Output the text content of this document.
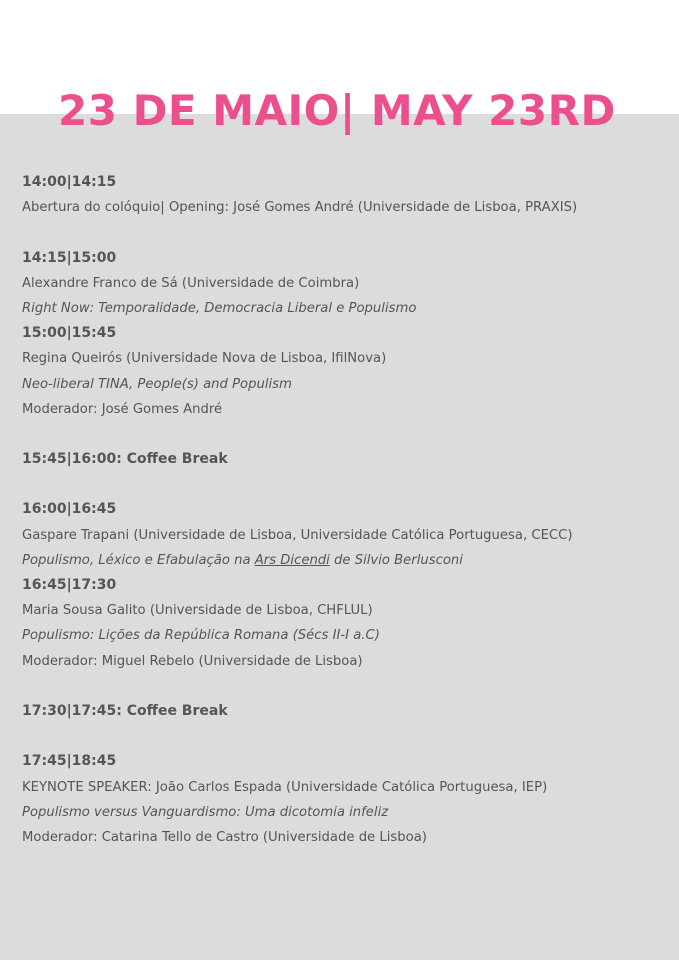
23 DE MAIO| MAY 23RD
14:00|14:15
Abertura do colóquio| Opening: José Gomes André (Universidade de Lisboa, PRAXIS)
14:15|15:00
Alexandre Franco de Sá (Universidade de Coimbra)
Right Now: Temporalidade, Democracia Liberal e Populismo
15:00|15:45
Regina Queirós (Universidade Nova de Lisboa, IfilNova)
Neo-liberal TINA, People(s) and Populism
Moderador: José Gomes André
15:45|16:00: Coffee Break
16:00|16:45
Gaspare Trapani (Universidade de Lisboa, Universidade Católica Portuguesa, CECC)
Populismo, Léxico e Efabulação na Ars Dicendi de Silvio Berlusconi
16:45|17:30
Maria Sousa Galito (Universidade de Lisboa, CHFLUL)
Populismo: Lições da República Romana (Sécs II-I a.C)
Moderador: Miguel Rebelo (Universidade de Lisboa)
17:30|17:45: Coffee Break
17:45|18:45
KEYNOTE SPEAKER: João Carlos Espada (Universidade Católica Portuguesa, IEP)
Populismo versus Vanguardismo: Uma dicotomia infeliz
Moderador: Catarina Tello de Castro (Universidade de Lisboa)
